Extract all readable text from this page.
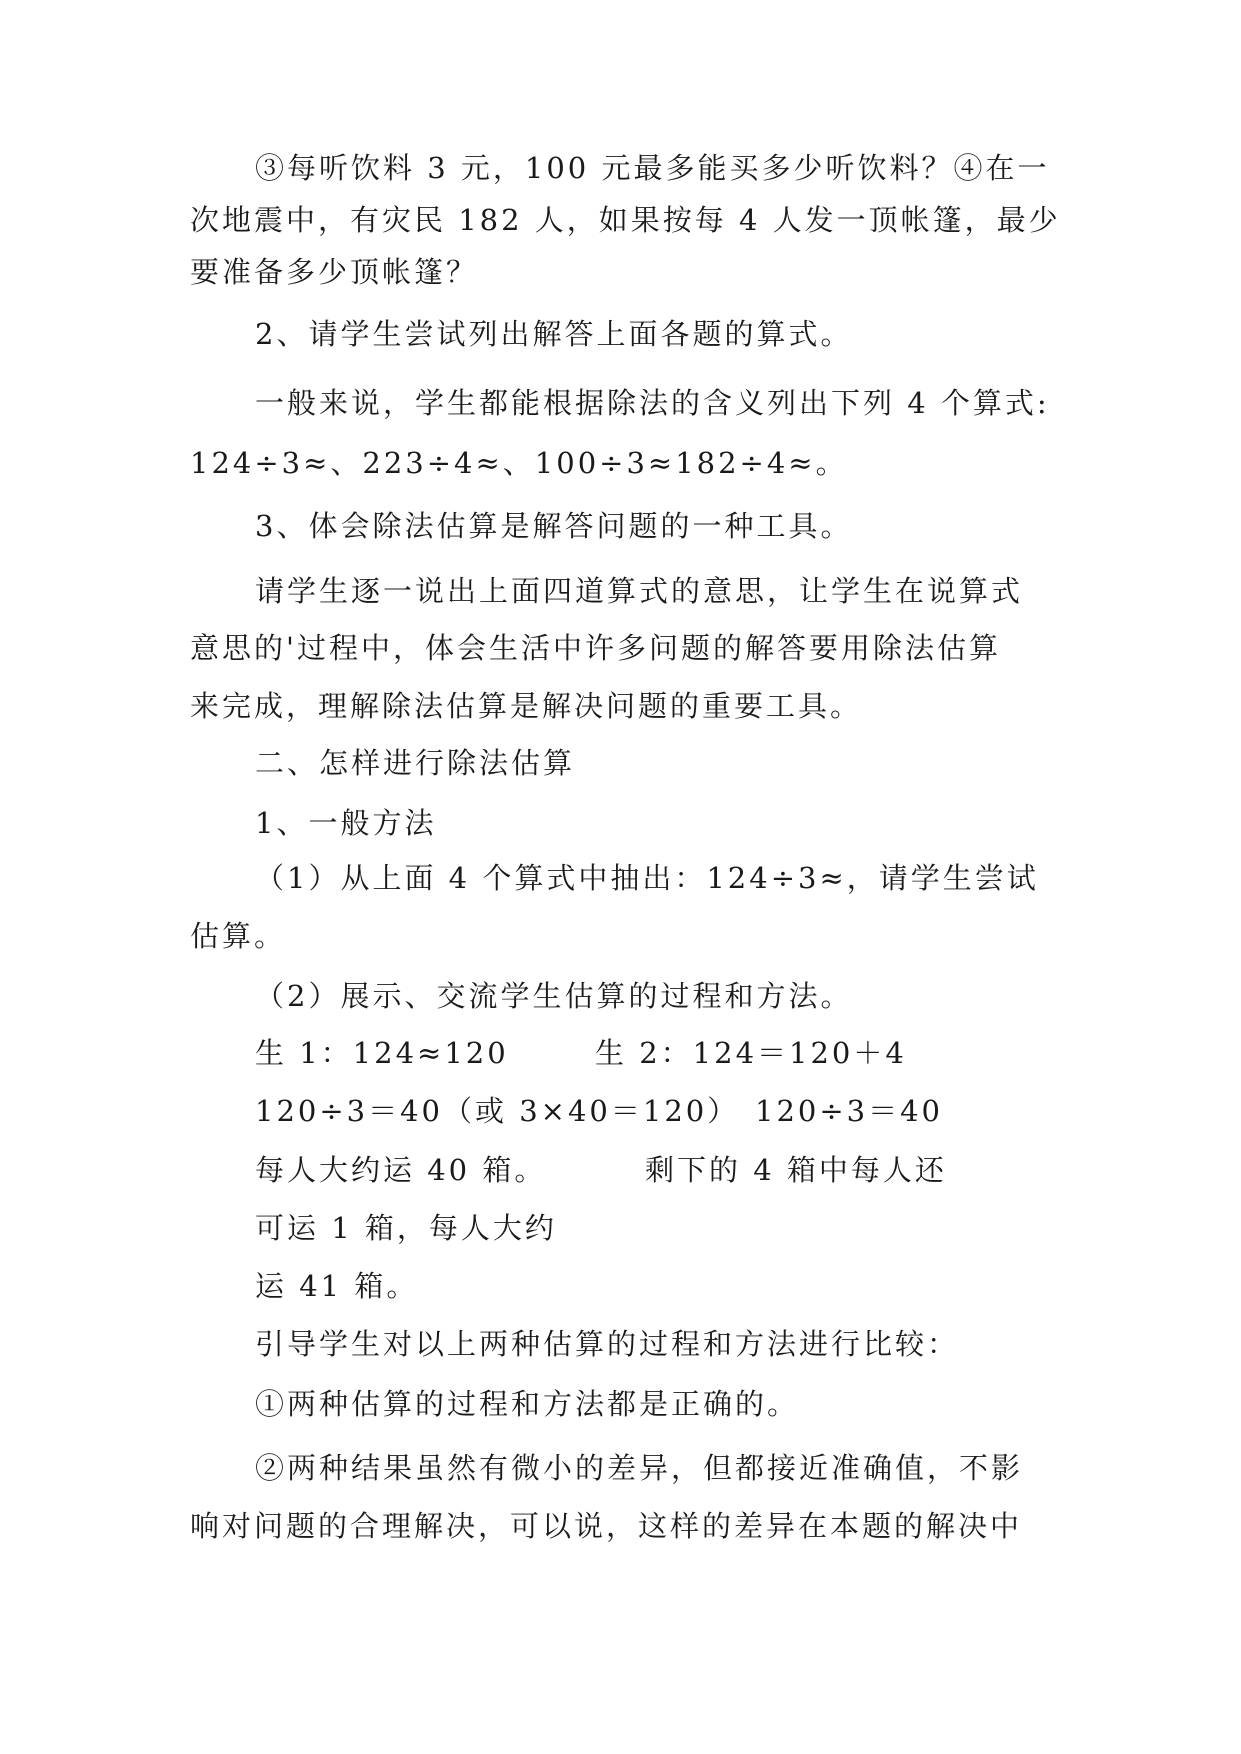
③每听饮料 3 元，100 元最多能买多少听饮料？④在一
次地震中，有灾民 182 人，如果按每 4 人发一顶帐篷，最少
要准备多少顶帐篷？
2、请学生尝试列出解答上面各题的算式。
一般来说，学生都能根据除法的含义列出下列 4 个算式:
124÷3≈、223÷4≈、100÷3≈182÷4≈。
3、体会除法估算是解答问题的一种工具。
请学生逐一说出上面四道算式的意思，让学生在说算式
意思的'过程中，体会生活中许多问题的解答要用除法估算
来完成，理解除法估算是解决问题的重要工具。
二、怎样进行除法估算
1、一般方法
（1）从上面 4 个算式中抽出：124÷3≈，请学生尝试
估算。
（2）展示、交流学生估算的过程和方法。
生 1：124≈120	生 2：124＝120＋4
120÷3＝40（或 3×40＝120） 120÷3＝40
每人大约运 40 箱。	剩下的 4 箱中每人还
可运 1 箱，每人大约
运 41 箱。
引导学生对以上两种估算的过程和方法进行比较：
①两种估算的过程和方法都是正确的。
②两种结果虽然有微小的差异，但都接近准确值，不影
响对问题的合理解决，可以说，这样的差异在本题的解决中
